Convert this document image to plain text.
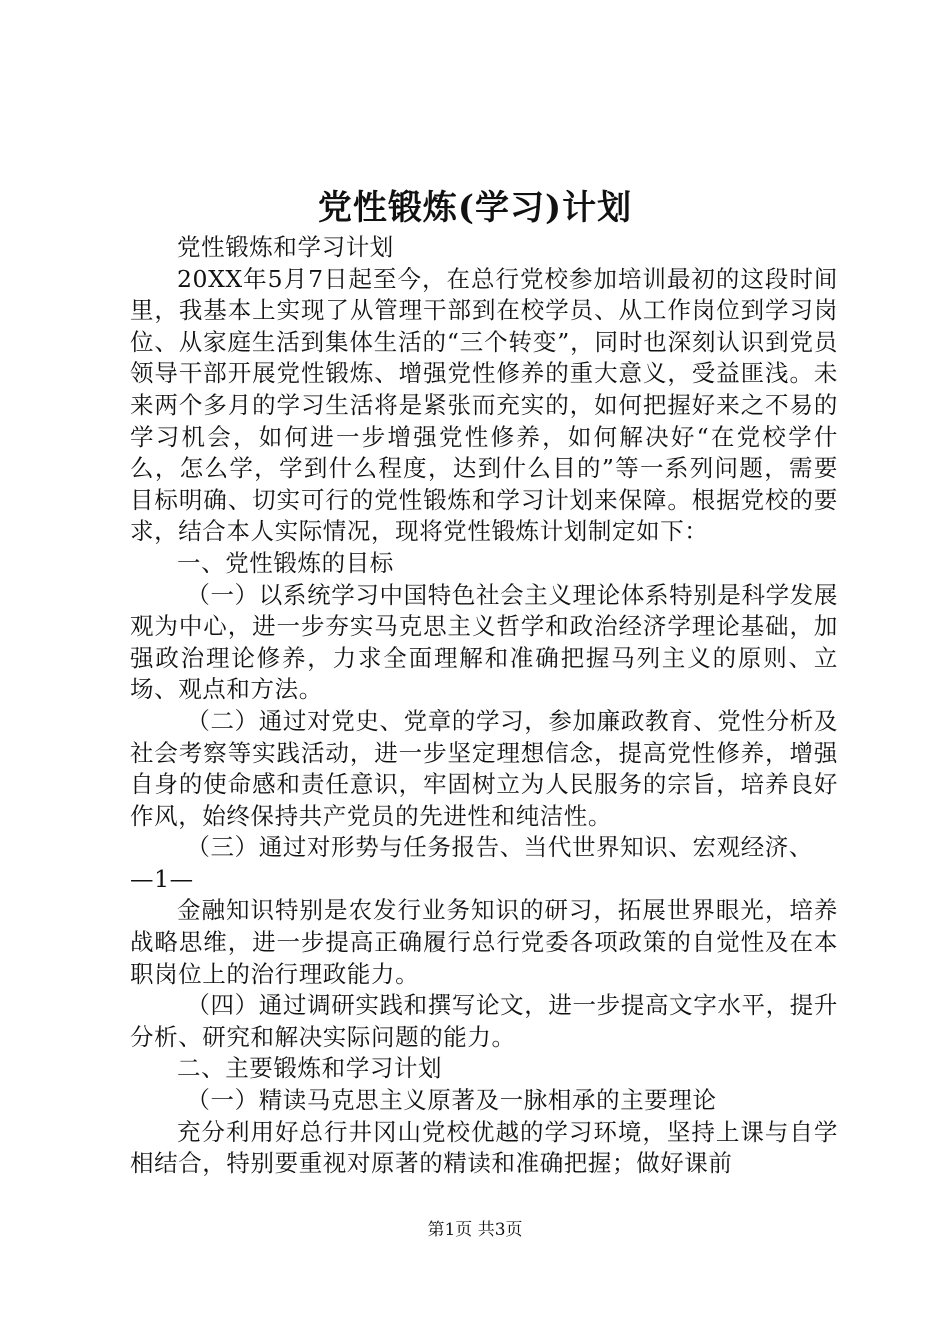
党性锻炼(学习)计划

党性锻炼和学习计划

20XX年5月7日起至今，在总行党校参加培训最初的这段时间里，我基本上实现了从管理干部到在校学员、从工作岗位到学习岗位、从家庭生活到集体生活的“三个转变”，同时也深刻认识到党员领导干部开展党性锻炼、增强党性修养的重大意义，受益匪浅。未来两个多月的学习生活将是紧张而充实的，如何把握好来之不易的学习机会，如何进一步增强党性修养，如何解决好“在党校学什么，怎么学，学到什么程度，达到什么目的”等一系列问题，需要目标明确、切实可行的党性锻炼和学习计划来保障。根据党校的要求，结合本人实际情况，现将党性锻炼计划制定如下：

一、党性锻炼的目标

（一）以系统学习中国特色社会主义理论体系特别是科学发展观为中心，进一步夯实马克思主义哲学和政治经济学理论基础，加强政治理论修养，力求全面理解和准确把握马列主义的原则、立场、观点和方法。

（二）通过对党史、党章的学习，参加廉政教育、党性分析及社会考察等实践活动，进一步坚定理想信念，提高党性修养，增强自身的使命感和责任意识，牢固树立为人民服务的宗旨，培养良好作风，始终保持共产党员的先进性和纯洁性。

（三）通过对形势与任务报告、当代世界知识、宏观经济、

—1—

金融知识特别是农发行业务知识的研习，拓展世界眼光，培养战略思维，进一步提高正确履行总行党委各项政策的自觉性及在本职岗位上的治行理政能力。

（四）通过调研实践和撰写论文，进一步提高文字水平，提升分析、研究和解决实际问题的能力。

二、主要锻炼和学习计划

（一）精读马克思主义原著及一脉相承的主要理论

充分利用好总行井冈山党校优越的学习环境，坚持上课与自学相结合，特别要重视对原著的精读和准确把握；做好课前

第1页 共3页
